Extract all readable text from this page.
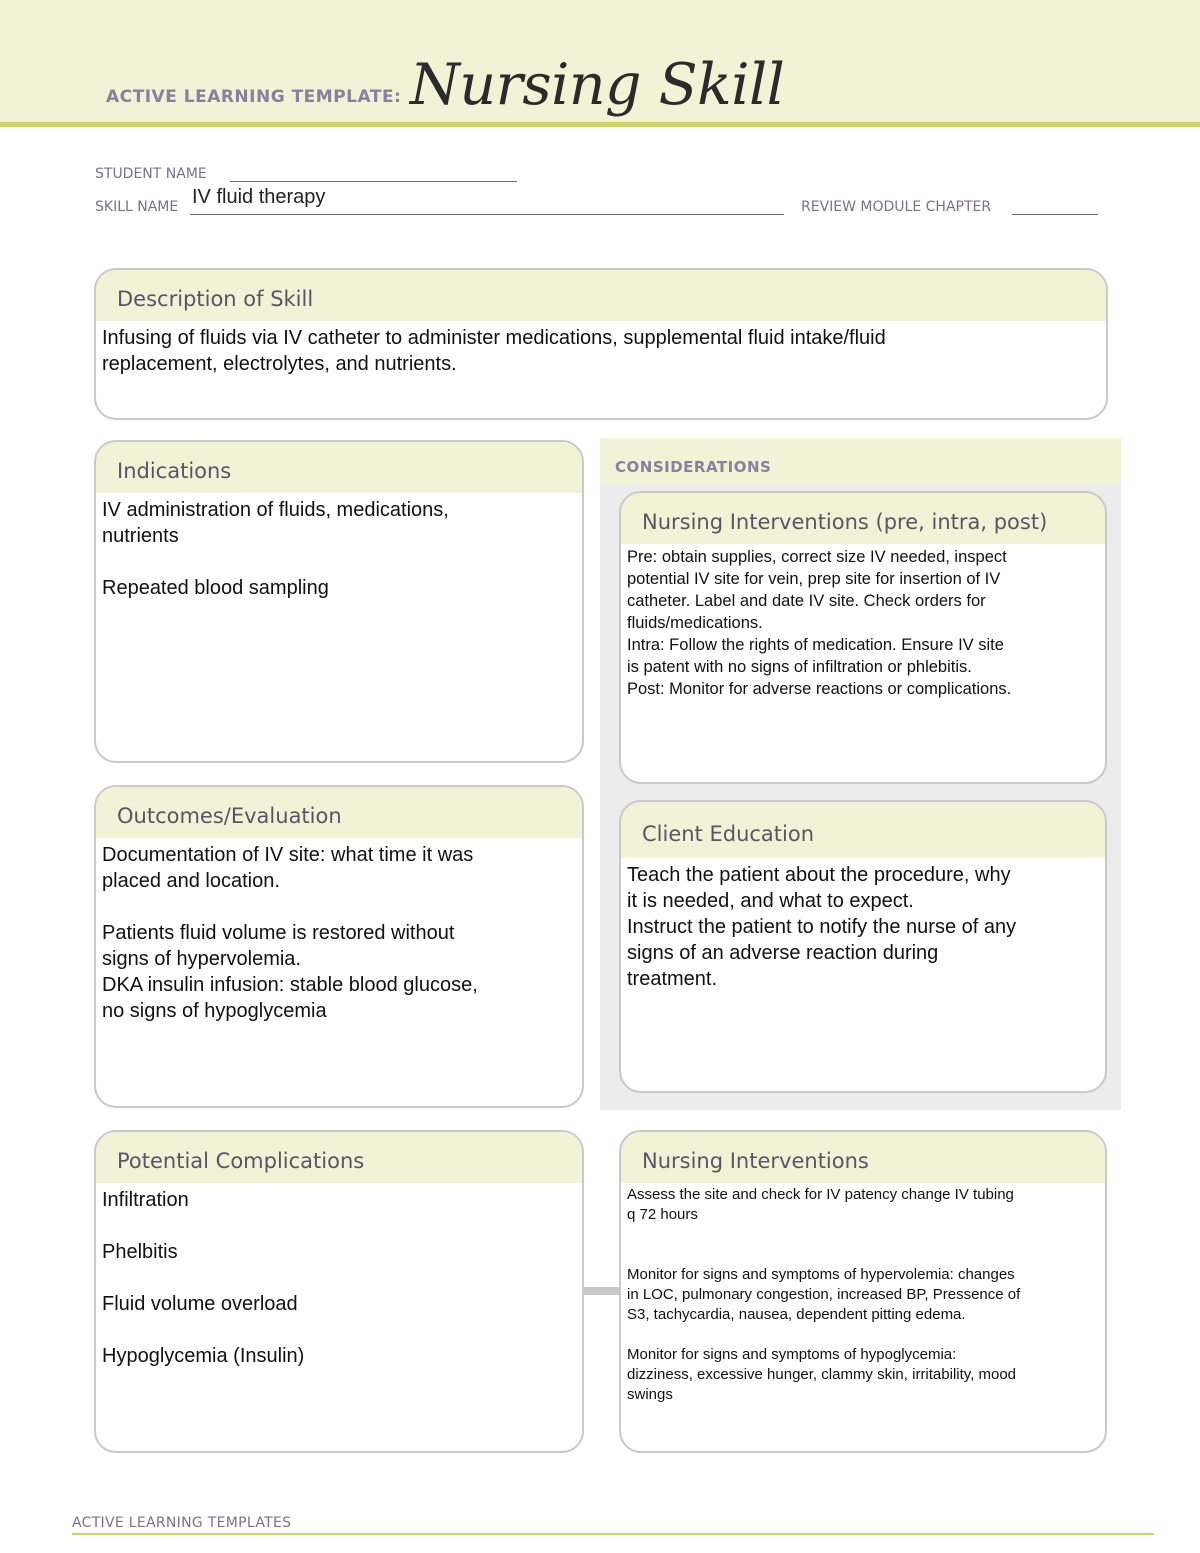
ACTIVE LEARNING TEMPLATE: Nursing Skill
STUDENT NAME
SKILL NAME IV fluid therapy	REVIEW MODULE CHAPTER
Description of Skill
Infusing of fluids via IV catheter to administer medications, supplemental fluid intake/fluid
replacement, electrolytes, and nutrients.
Indications
IV administration of fluids, medications,
nutrients

Repeated blood sampling
CONSIDERATIONS
Nursing Interventions (pre, intra, post)
Pre: obtain supplies, correct size IV needed, inspect
potential IV site for vein, prep site for insertion of IV
catheter. Label and date IV site. Check orders for
fluids/medications.
Intra: Follow the rights of medication. Ensure IV site
is patent with no signs of infiltration or phlebitis.
Post: Monitor for adverse reactions or complications.
Client Education
Teach the patient about the procedure, why
it is needed, and what to expect.
Instruct the patient to notify the nurse of any
signs of an adverse reaction during
treatment.
Outcomes/Evaluation
Documentation of IV site: what time it was
placed and location.

Patients fluid volume is restored without
signs of hypervolemia.
DKA insulin infusion: stable blood glucose,
no signs of hypoglycemia
Potential Complications
Infiltration

Phelbitis

Fluid volume overload

Hypoglycemia (Insulin)
Nursing Interventions
Assess the site and check for IV patency change IV tubing
q 72 hours

Monitor for signs and symptoms of hypervolemia: changes
in LOC, pulmonary congestion, increased BP, Pressence of
S3, tachycardia, nausea, dependent pitting edema.

Monitor for signs and symptoms of hypoglycemia:
dizziness, excessive hunger, clammy skin, irritability, mood
swings
ACTIVE LEARNING TEMPLATES
